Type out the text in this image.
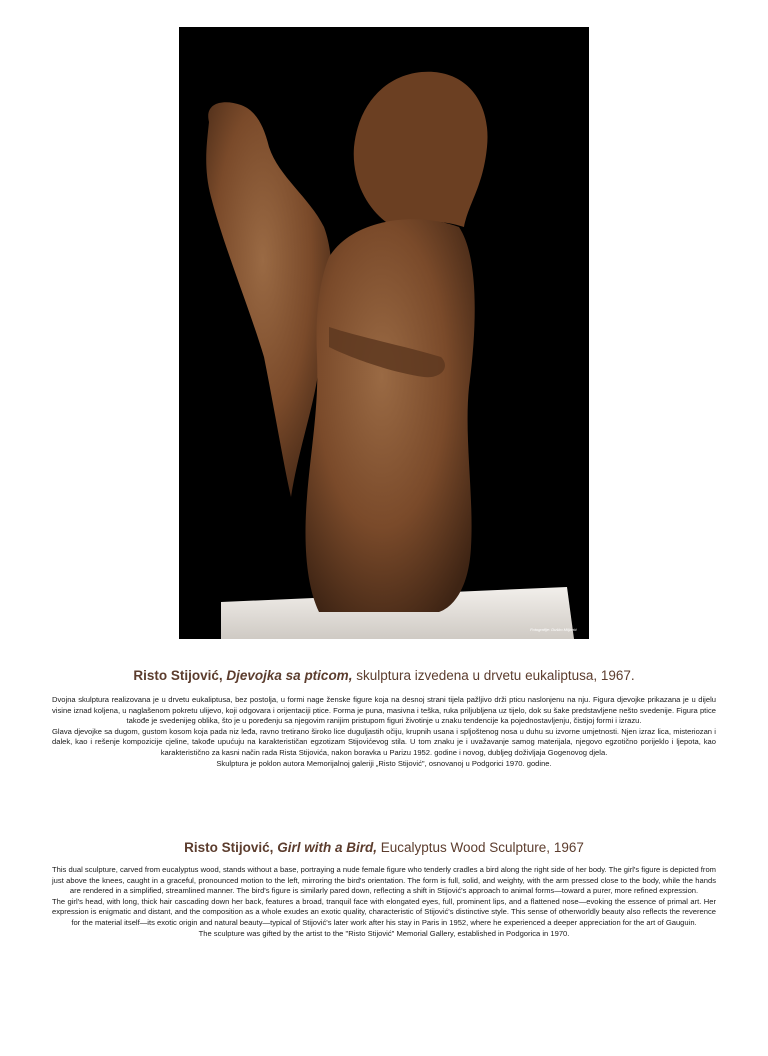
Fotografije: Duško Miljanić
Risto Stijović, Djevojka sa pticom, skulptura izvedena u drvetu eukaliptusa, 1967.

Dvojna skulptura realizovana je u drvetu eukaliptusa, bez postolja, u formi nage ženske figure koja na desnoj strani tijela pažljivo drži pticu naslonjenu na nju. Figura djevojke prikazana je u dijelu visine iznad koljena, u naglašenom pokretu ulijevo, koji odgovara i orijentaciji ptice. Forma je puna, masivna i teška, ruka priljubljena uz tijelo, dok su šake predstavljene nešto svedenije. Figura ptice takođe je svedenijeg oblika, što je u poređenju sa njegovim ranijim pristupom figuri životinje u znaku tendencije ka pojednostavljenju, čistijoj formi i izrazu.

Glava djevojke sa dugom, gustom kosom koja pada niz leđa, ravno tretirano široko lice duguljastih očiju, krupnih usana i spljoštenog nosa u duhu su izvorne umjetnosti. Njen izraz lica, misteriozan i dalek, kao i rešenje kompozicije cjeline, takođe upućuju na karakterističan egzotizam Stijovićevog stila. U tom znaku je i uvažavanje samog materijala, njegovo egzotično porijeklo i ljepota, kao karakteristično za kasni način rada Rista Stijovića, nakon boravka u Parizu 1952. godine i novog, dubljeg doživljaja Gogenovog djela.

Skulptura je poklon autora Memorijalnoj galeriji „Risto Stijović", osnovanoj u Podgorici 1970. godine.

Risto Stijović, Girl with a Bird, Eucalyptus Wood Sculpture, 1967

This dual sculpture, carved from eucalyptus wood, stands without a base, portraying a nude female figure who tenderly cradles a bird along the right side of her body. The girl's figure is depicted from just above the knees, caught in a graceful, pronounced motion to the left, mirroring the bird's orientation. The form is full, solid, and weighty, with the arm pressed close to the body, while the hands are rendered in a simplified, streamlined manner. The bird's figure is similarly pared down, reflecting a shift in Stijović's approach to animal forms—toward a purer, more refined expression.

The girl's head, with long, thick hair cascading down her back, features a broad, tranquil face with elongated eyes, full, prominent lips, and a flattened nose—evoking the essence of primal art. Her expression is enigmatic and distant, and the composition as a whole exudes an exotic quality, characteristic of Stijović's distinctive style. This sense of otherworldly beauty also reflects the reverence for the material itself—its exotic origin and natural beauty—typical of Stijović's later work after his stay in Paris in 1952, where he experienced a deeper appreciation for the art of Gauguin.

The sculpture was gifted by the artist to the "Risto Stijović" Memorial Gallery, established in Podgorica in 1970.
